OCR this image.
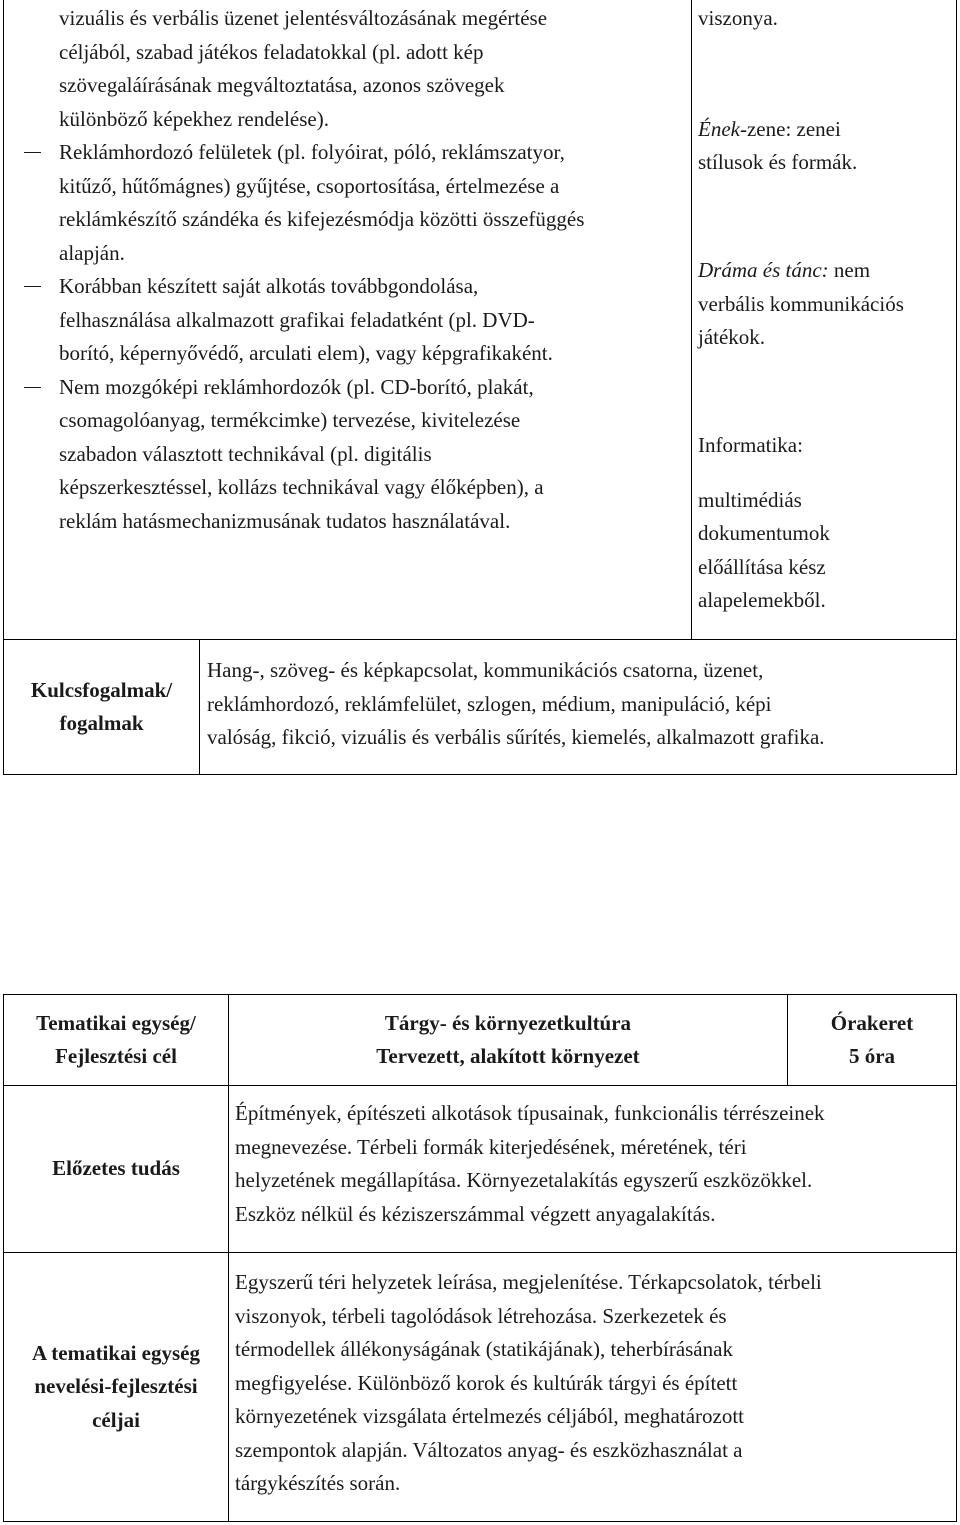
vizuális és verbális üzenet jelentésváltozásának megértése
céljából, szabad játékos feladatokkal (pl. adott kép
szövegaláírásának megváltoztatása, azonos szövegek
különböző képekhez rendelése).
Reklámhordozó felületek (pl. folyóirat, póló, reklámszatyor,
kitűző, hűtőmágnes) gyűjtése, csoportosítása, értelmezése a
reklámkészítő szándéka és kifejezésmódja közötti összefüggés
alapján.
Korábban készített saját alkotás továbbgondolása,
felhasználása alkalmazott grafikai feladatként (pl. DVD-
borító, képernyővédő, arculati elem), vagy képgrafikaként.
Nem mozgóképi reklámhordozók (pl. CD-borító, plakát,
csomagolóanyag, termékcimke) tervezése, kivitelezése
szabadon választott technikával (pl. digitális
képszerkesztéssel, kollázs technikával vagy élőképben), a
reklám hatásmechanizmusának tudatos használatával.
viszonya.
Ének-zene: zenei
stílusok és formák.
Dráma és tánc: nem
verbális kommunikációs
játékok.
Informatika:
multimédiás
dokumentumok
előállítása kész
alapelemekből.
Kulcsfogalmak/
fogalmak
Hang-, szöveg- és képkapcsolat, kommunikációs csatorna, üzenet,
reklámhordozó, reklámfelület, szlogen, médium, manipuláció, képi
valóság, fikció, vizuális és verbális sűrítés, kiemelés, alkalmazott grafika.
Tematikai egység/
Fejlesztési cél
Tárgy- és környezetkultúra
Tervezett, alakított környezet
Órakeret
5 óra
Előzetes tudás
Építmények, építészeti alkotások típusainak, funkcionális térrészeinek
megnevezése. Térbeli formák kiterjedésének, méretének, téri
helyzetének megállapítása. Környezetalakítás egyszerű eszközökkel.
Eszköz nélkül és kéziszerszámmal végzett anyagalakítás.
A tematikai egység
nevelési-fejlesztési
céljai
Egyszerű téri helyzetek leírása, megjelenítése. Térkapcsolatok, térbeli
viszonyok, térbeli tagolódások létrehozása. Szerkezetek és
térmodellek állékonyságának (statikájának), teherbírásának
megfigyelése. Különböző korok és kultúrák tárgyi és épített
környezetének vizsgálata értelmezés céljából, meghatározott
szempontok alapján. Változatos anyag- és eszközhasználat a
tárgykészítés során.
